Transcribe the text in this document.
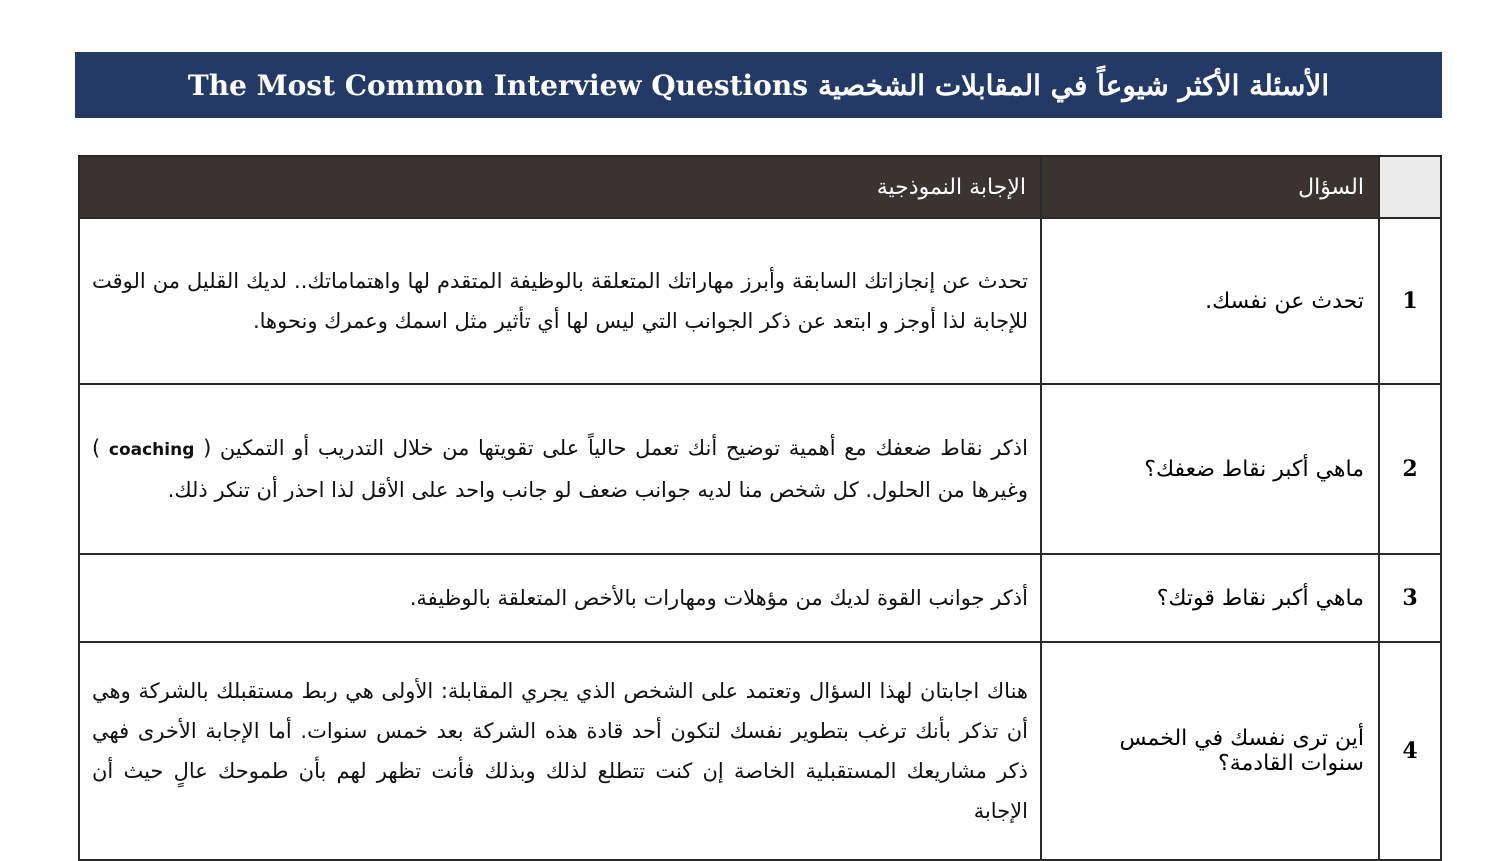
الأسئلة الأكثر شيوعاً في المقابلات الشخصية
The Most Common Interview Questions
	السؤال	الإجابة النموذجية
1	تحدث عن نفسك.	تحدث عن إنجازاتك السابقة وأبرز مهاراتك المتعلقة بالوظيفة المتقدم لها واهتماماتك.. لديك القليل من الوقت للإجابة لذا أوجز و ابتعد عن ذكر الجوانب التي ليس لها أي تأثير مثل اسمك وعمرك ونحوها.
2	ماهي أكبر نقاط ضعفك؟	اذكر نقاط ضعفك مع أهمية توضيح أنك تعمل حالياً على تقويتها من خلال التدريب أو التمكين ( coaching ) وغيرها من الحلول. كل شخص منا لديه جوانب ضعف لو جانب واحد على الأقل لذا احذر أن تنكر ذلك.
3	ماهي أكبر نقاط قوتك؟	أذكر جوانب القوة لديك من مؤهلات ومهارات بالأخص المتعلقة بالوظيفة.
4	أين ترى نفسك في الخمس سنوات القادمة؟	هناك اجابتان لهذا السؤال وتعتمد على الشخص الذي يجري المقابلة: الأولى هي ربط مستقبلك بالشركة وهي أن تذكر بأنك ترغب بتطوير نفسك لتكون أحد قادة هذه الشركة بعد خمس سنوات. أما الإجابة الأخرى فهي ذكر مشاريعك المستقبلية الخاصة إن كنت تتطلع لذلك وبذلك فأنت تظهر لهم بأن طموحك عالٍ حيث أن الإجابة
